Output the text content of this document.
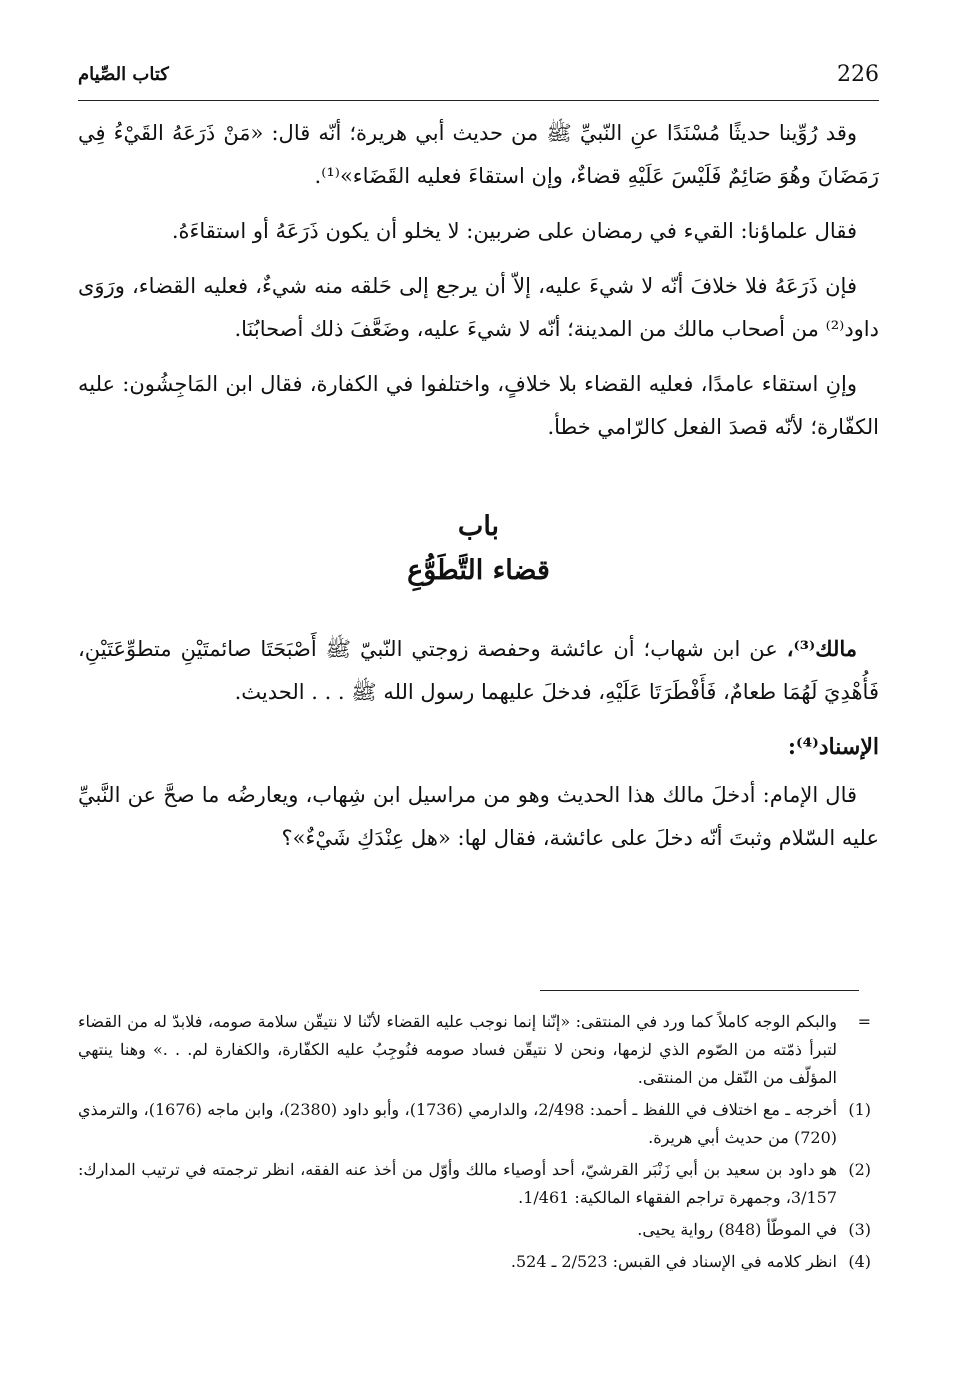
226
كتاب الصِّيام

وقد رُوِّينا حديثًا مُسْنَدًا عنِ النّبيِّ ﷺ من حديث أبي هريرة؛ أنّه قال: «مَنْ ذَرَعَهُ القَيْءُ فِي رَمَضَانَ وهُوَ صَائِمٌ فَلَيْسَ عَلَيْهِ قضاءٌ، وإن استقاءَ فعليه القَضَاء»⁽¹⁾.

فقال علماؤنا: القيء في رمضان على ضربين: لا يخلو أن يكون ذَرَعَهُ أو استقاءَهُ.

فإن ذَرَعَهُ فلا خلافَ أنّه لا شيءَ عليه، إلاّ أن يرجع إلى حَلقه منه شيءٌ، فعليه القضاء، ورَوَى داود⁽²⁾ من أصحاب مالك من المدينة؛ أنّه لا شيءَ عليه، وضَعَّفَ ذلك أصحابُنَا.

وإنِ استقاء عامدًا، فعليه القضاء بلا خلافٍ، واختلفوا في الكفارة، فقال ابن المَاجِشُون: عليه الكفّارة؛ لأنّه قصدَ الفعل كالرّامي خطأ.

باب

قضاء التَّطَوُّعِ

مالك⁽³⁾، عن ابن شهاب؛ أن عائشة وحفصة زوجتي النّبيّ ﷺ أَصْبَحَتَا صائمتَيْنِ متطوِّعَتَيْنِ، فَأُهْدِيَ لَهُمَا طعامٌ، فَأَفْطَرَتَا عَلَيْهِ، فدخلَ عليهما رسول الله ﷺ . . . الحديث.

الإسناد⁽⁴⁾:

قال الإمام: أدخلَ مالك هذا الحديث وهو من مراسيل ابن شِهاب، ويعارضُه ما صحَّ عن النَّبيِّ عليه السّلام وثبتَ أنّه دخلَ على عائشة، فقال لها: «هل عِنْدَكِ شَيْءٌ»؟

=
والبكم الوجه كاملاً كما ورد في المنتقى: «إنّنا إنما نوجب عليه القضاء لأنّنا لا نتيقّن سلامة صومه، فلابدّ له من القضاء لتبرأ ذمّته من الصّوم الذي لزمها، ونحن لا نتيقّن فساد صومه فنُوجِبُ عليه الكفّارة، والكفارة لم. . .» وهنا ينتهي المؤلّف من النّقل من المنتقى.
(1)
أخرجه ـ مع اختلاف في اللفظ ـ أحمد: 2/498، والدارمي (1736)، وأبو داود (2380)، وابن ماجه (1676)، والترمذي (720) من حديث أبي هريرة.
(2)
هو داود بن سعيد بن أبي زَنْبَر القرشيّ، أحد أوصياء مالك وأوّل من أخذ عنه الفقه، انظر ترجمته في ترتيب المدارك: 3/157، وجمهرة تراجم الفقهاء المالكية: 1/461.
(3)
في الموطّأ (848) رواية يحيى.
(4)
انظر كلامه في الإسناد في القبس: 2/523 ـ 524.
